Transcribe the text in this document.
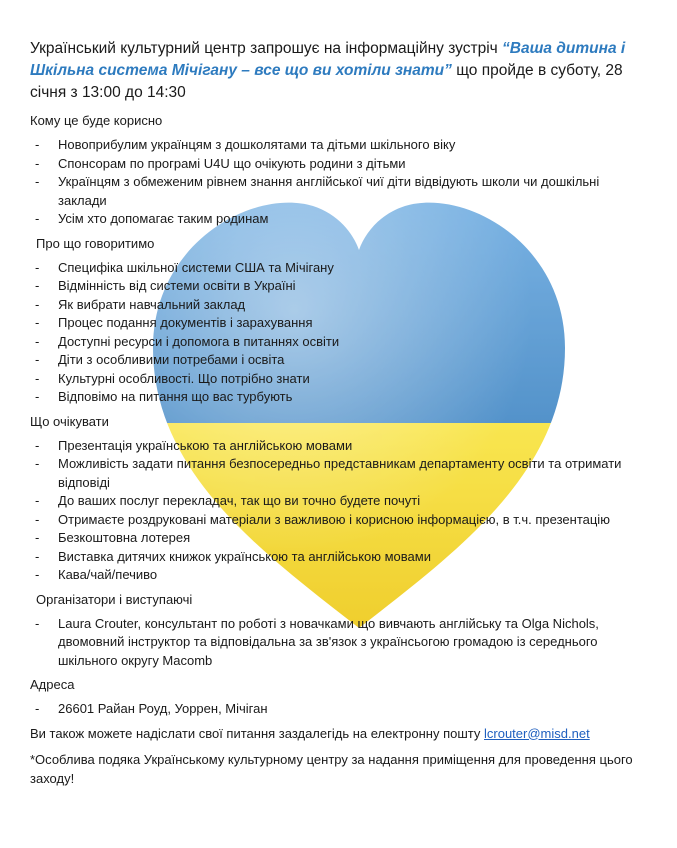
Український культурний центр запрошує на інформаційну зустріч “Ваша дитина і Шкільна система Мічігану – все що ви хотіли знати” що пройде в суботу, 28 січня з 13:00 до 14:30

Кому це буде корисно
- Новоприбулим українцям з дошколятами та дітьми шкільного віку
- Спонсорам по програмі U4U що очікують родини з дітьми
- Українцям з обмеженим рівнем знання англійської чиї діти відвідують школи чи дошкільні заклади
- Усім хто допомагає таким родинам
Про що говоритимо
- Специфіка шкільної системи США та Мічігану
- Відмінність від системи освіти в Україні
- Як вибрати навчальний заклад
- Процес подання документів і зарахування
- Доступні ресурси і допомога в питаннях освіти
- Діти з особливими потребами і освіта
- Культурні особливості. Що потрібно знати
- Відповімо на питання що вас турбують
Що очікувати
- Презентація українською та англійською мовами
- Можливість задати питання безпосередньо представникам департаменту освіти та отримати відповіді
- До ваших послуг перекладач, так що ви точно будете почуті
- Отримаєте роздруковані матеріали з важливою і корисною інформацією, в т.ч. презентацію
- Безкоштовна лотерея
- Виставка дитячих книжок українською та англійською мовами
- Кава/чай/печиво
Організатори і виступаючі
- Laura Crouter, консультант по роботі з новачками що вивчають англійську та Olga Nichols, двомовний інструктор та відповідальна за зв'язок з українсьогою громадою із середнього шкільного округу Macomb
Адреса
- 26601 Райан Роуд, Уоррен, Мічіган

Ви також можете надіслати свої питання заздалегідь на електронну пошту lcrouter@misd.net

*Особлива подяка Українському культурному центру за надання приміщення для проведення цього заходу!
